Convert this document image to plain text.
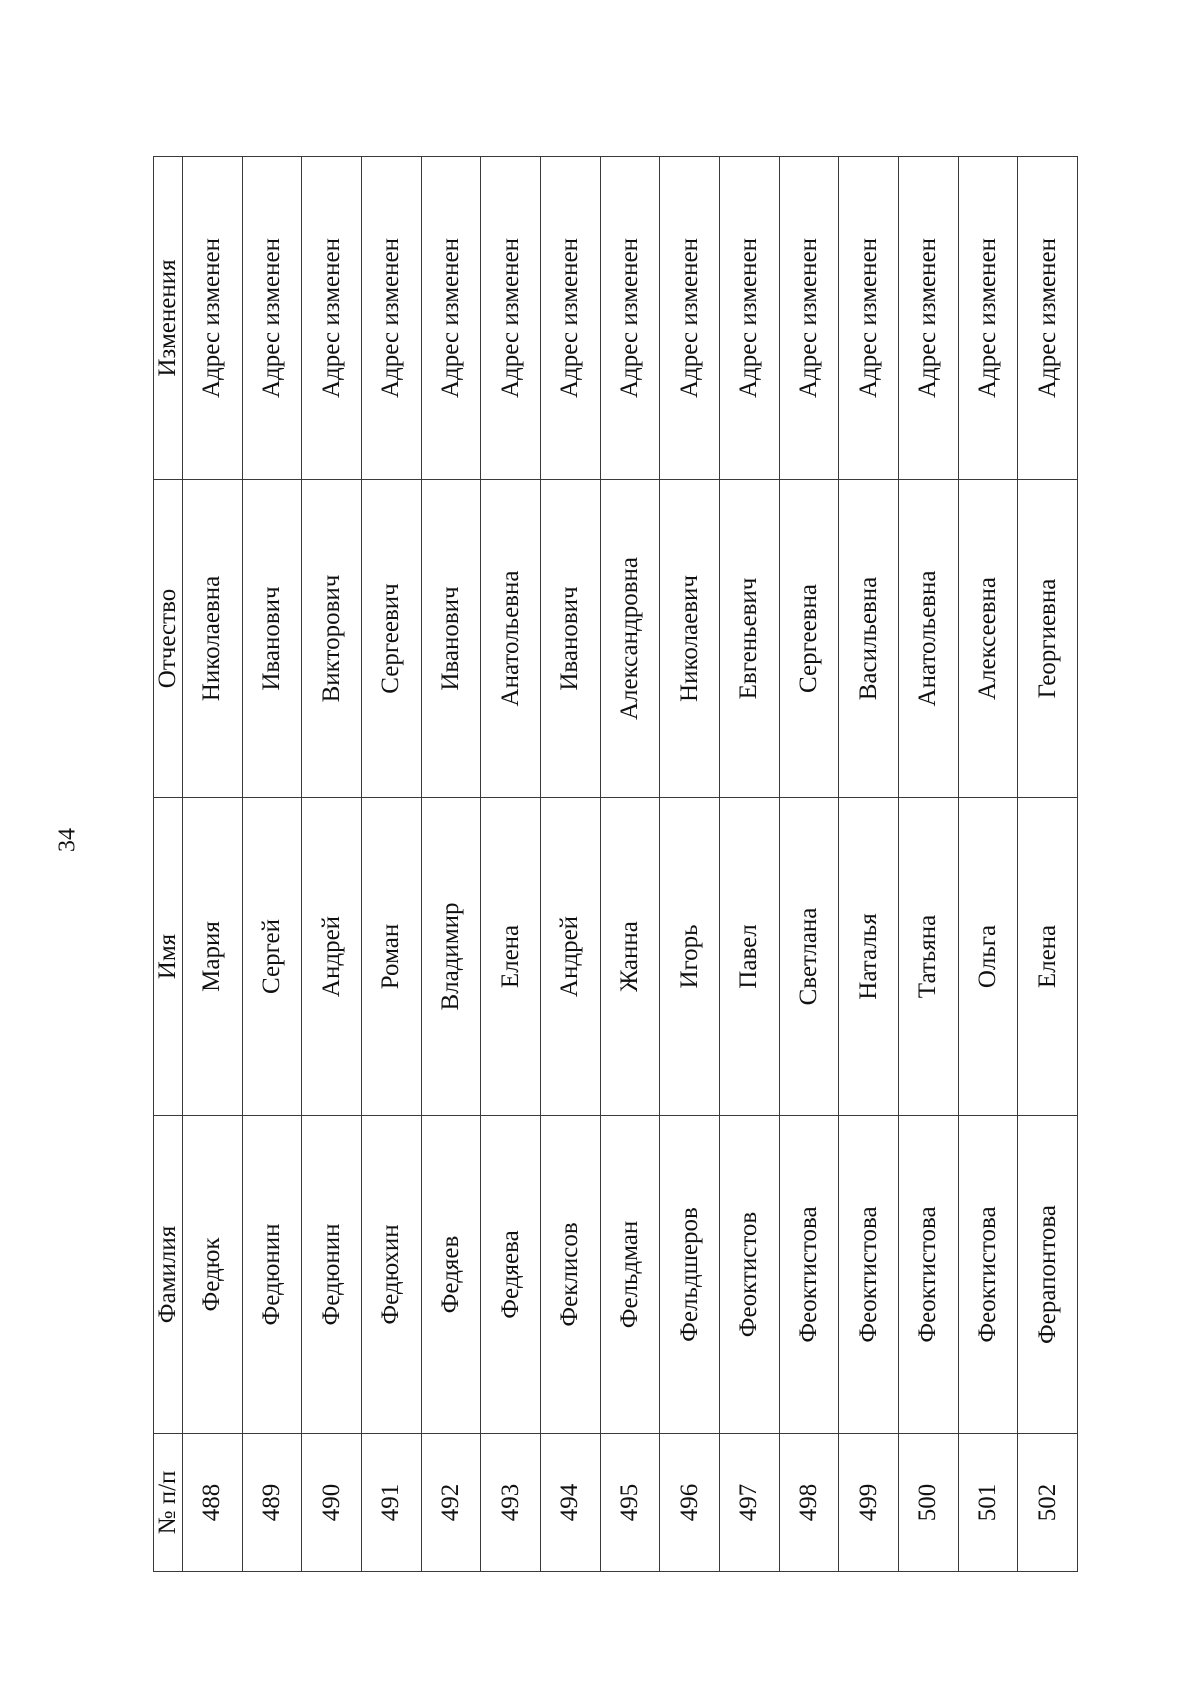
34
№ п/п	Фамилия	Имя	Отчество	Изменения
488	Федюк	Мария	Николаевна	Адрес изменен
489	Федюнин	Сергей	Иванович	Адрес изменен
490	Федюнин	Андрей	Викторович	Адрес изменен
491	Федюхин	Роман	Сергеевич	Адрес изменен
492	Федяев	Владимир	Иванович	Адрес изменен
493	Федяева	Елена	Анатольевна	Адрес изменен
494	Феклисов	Андрей	Иванович	Адрес изменен
495	Фельдман	Жанна	Александровна	Адрес изменен
496	Фельдшеров	Игорь	Николаевич	Адрес изменен
497	Феоктистов	Павел	Евгеньевич	Адрес изменен
498	Феоктистова	Светлана	Сергеевна	Адрес изменен
499	Феоктистова	Наталья	Васильевна	Адрес изменен
500	Феоктистова	Татьяна	Анатольевна	Адрес изменен
501	Феоктистова	Ольга	Алексеевна	Адрес изменен
502	Ферапонтова	Елена	Георгиевна	Адрес изменен
